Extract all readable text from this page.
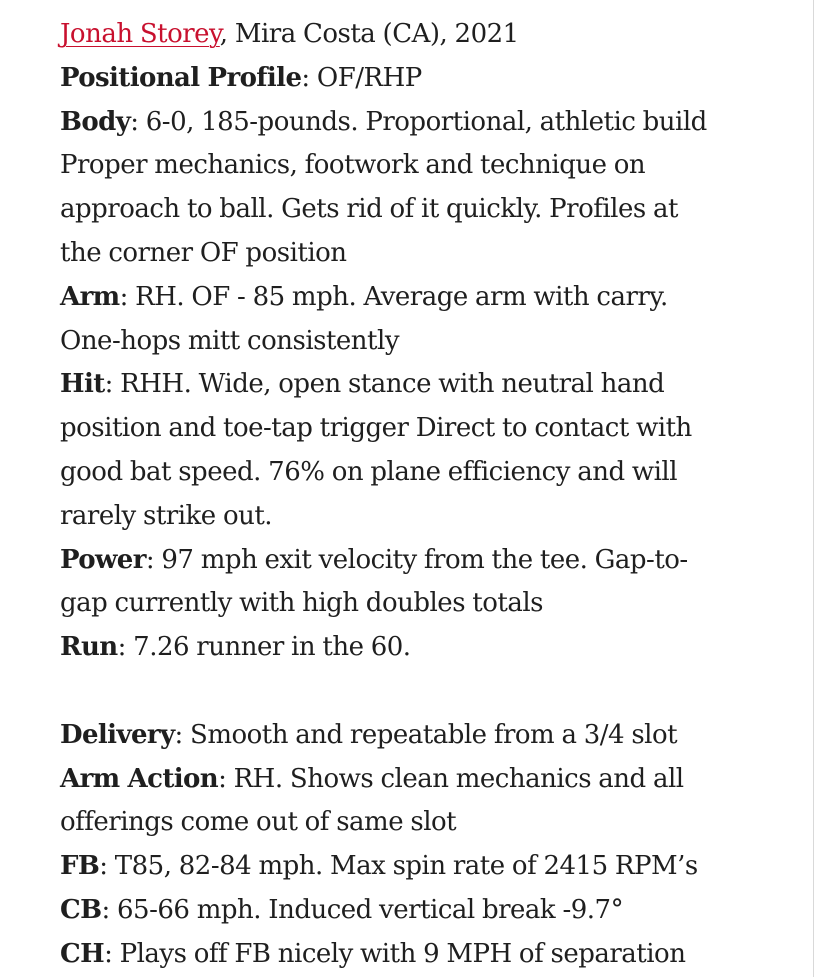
Jonah Storey, Mira Costa (CA), 2021
Positional Profile: OF/RHP
Body: 6-0, 185-pounds. Proportional, athletic build
Proper mechanics, footwork and technique on
approach to ball. Gets rid of it quickly. Profiles at
the corner OF position
Arm: RH. OF - 85 mph. Average arm with carry.
One-hops mitt consistently
Hit: RHH. Wide, open stance with neutral hand
position and toe-tap trigger Direct to contact with
good bat speed. 76% on plane efficiency and will
rarely strike out.
Power: 97 mph exit velocity from the tee. Gap-to-
gap currently with high doubles totals
Run: 7.26 runner in the 60.
Delivery: Smooth and repeatable from a 3/4 slot
Arm Action: RH. Shows clean mechanics and all
offerings come out of same slot
FB: T85, 82-84 mph. Max spin rate of 2415 RPM’s
CB: 65-66 mph. Induced vertical break -9.7°
CH: Plays off FB nicely with 9 MPH of separation
